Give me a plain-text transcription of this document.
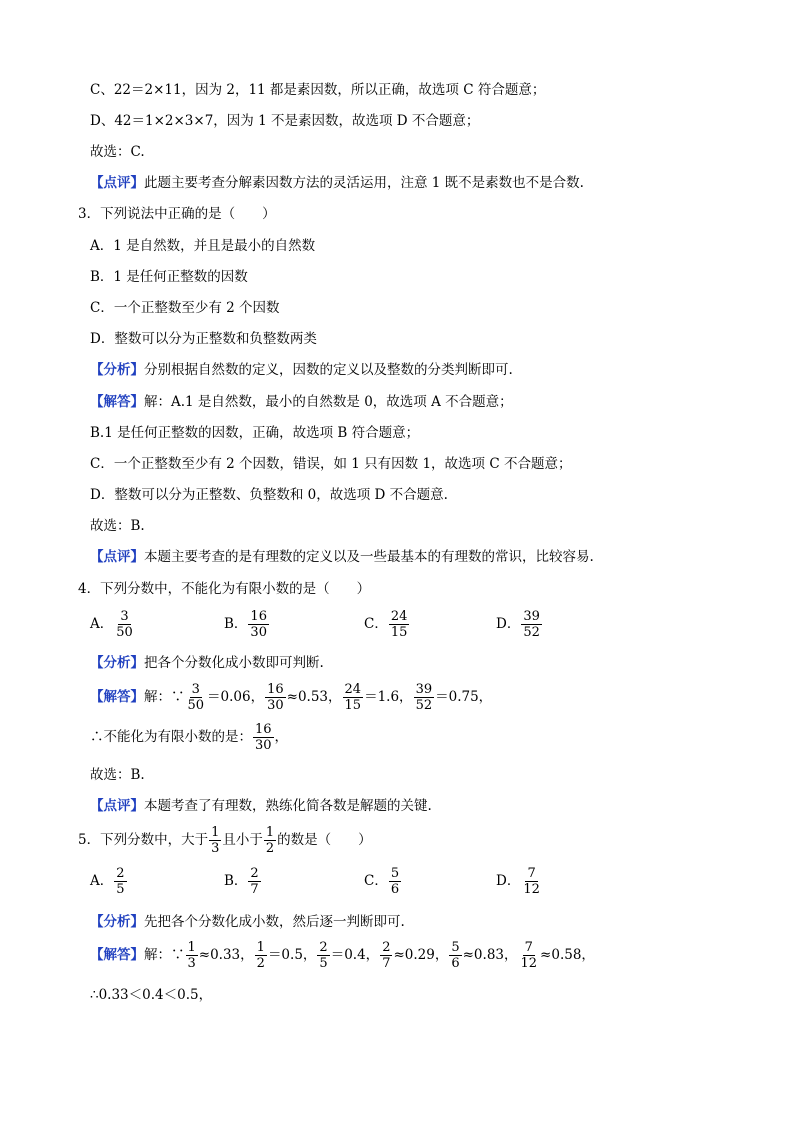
C、22＝2×11，因为 2，11 都是素因数，所以正确，故选项 C 符合题意；
D、42＝1×2×3×7，因为 1 不是素因数，故选项 D 不合题意；
故选：C.
【点评】此题主要考查分解素因数方法的灵活运用，注意 1 既不是素数也不是合数.
3．下列说法中正确的是（　　）
A．1 是自然数，并且是最小的自然数
B．1 是任何正整数的因数
C．一个正整数至少有 2 个因数
D．整数可以分为正整数和负整数两类
【分析】分别根据自然数的定义，因数的定义以及整数的分类判断即可.
【解答】解：A.1 是自然数，最小的自然数是 0，故选项 A 不合题意；
B.1 是任何正整数的因数，正确，故选项 B 符合题意；
C．一个正整数至少有 2 个因数，错误，如 1 只有因数 1，故选项 C 不合题意；
D．整数可以分为正整数、负整数和 0，故选项 D 不合题意.
故选：B.
【点评】本题主要考查的是有理数的定义以及一些最基本的有理数的常识，比较容易.
4．下列分数中，不能化为有限小数的是（　　）
A． $\frac{3}{50}$	B． $\frac{16}{30}$	C． $\frac{24}{15}$	D． $\frac{39}{52}$
【分析】把各个分数化成小数即可判断.
【解答】解：∵ $\frac{3}{50} =0.06$， $\frac{16}{30} \approx 0.53$， $\frac{24}{15} =1.6$， $\frac{39}{52} =0.75$，
∴不能化为有限小数的是： $\frac{16}{30}$ ，
故选：B.
【点评】本题考查了有理数，熟练化简各数是解题的关键.
5．下列分数中，大于 $\frac{1}{3}$ 且小于 $\frac{1}{2}$ 的数是（　　）
A． $\frac{2}{5}$	B． $\frac{2}{7}$	C． $\frac{5}{6}$	D． $\frac{7}{12}$
【分析】先把各个分数化成小数，然后逐一判断即可.
【解答】解：∵ $\frac{1}{3} \approx 0.33$， $\frac{1}{2} =0.5$， $\frac{2}{5} =0.4$， $\frac{2}{7} \approx 0.29$， $\frac{5}{6} \approx 0.83$， $\frac{7}{12} \approx 0.58$，
∴0.33＜0.4＜0.5，
